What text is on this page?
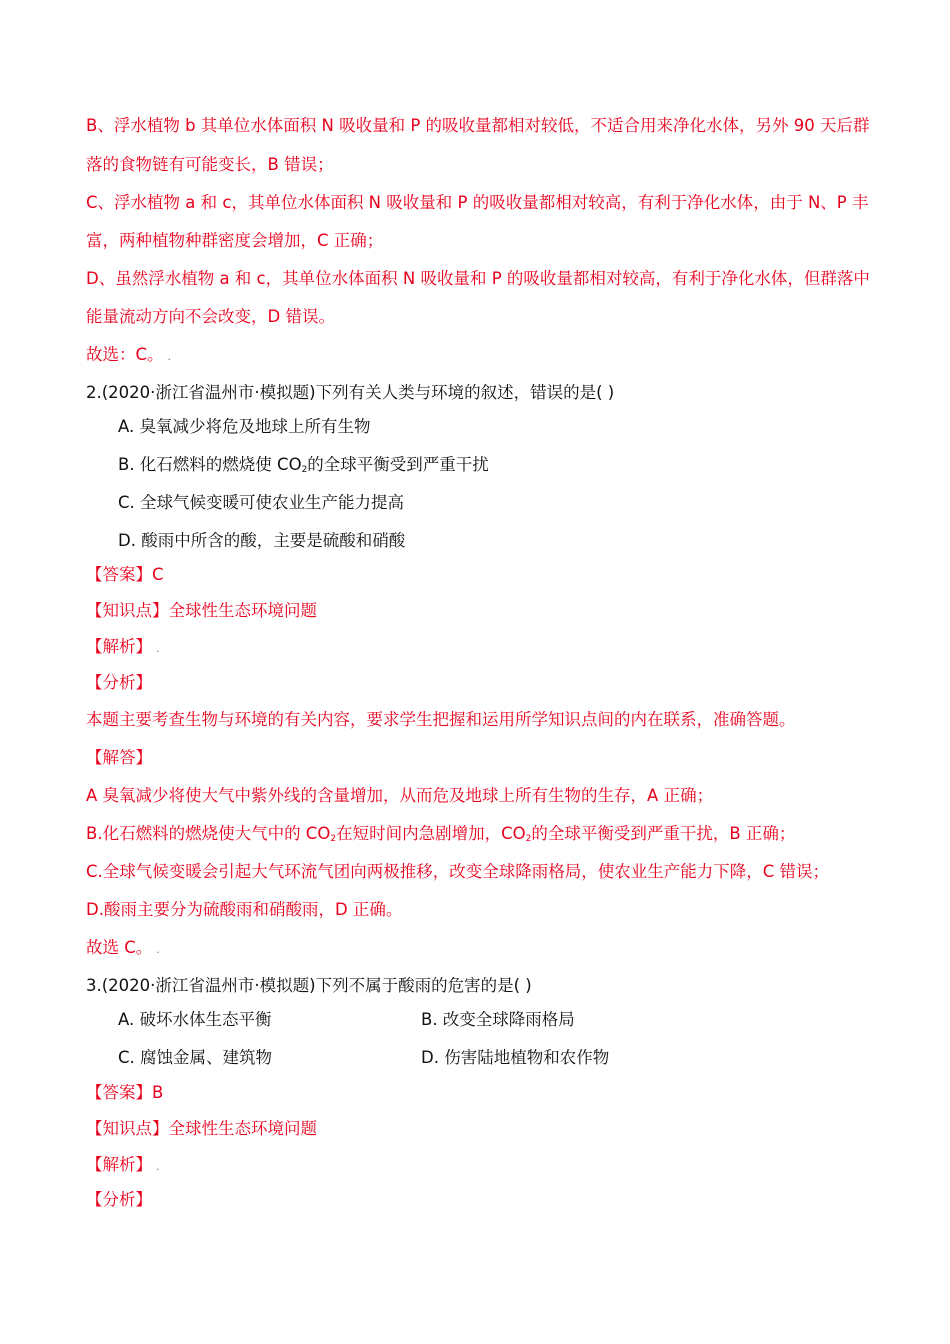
B、浮水植物 b 其单位水体面积 N 吸收量和 P 的吸收量都相对较低，不适合用来净化水体，另外 90 天后群
落的食物链有可能变长，B 错误；
C、浮水植物 a 和 c，其单位水体面积 N 吸收量和 P 的吸收量都相对较高，有利于净化水体，由于 N、P 丰
富，两种植物种群密度会增加，C 正确；
D、虽然浮水植物 a 和 c，其单位水体面积 N 吸收量和 P 的吸收量都相对较高，有利于净化水体，但群落中
能量流动方向不会改变，D 错误。
故选：C。 .
2.(2020·浙江省温州市·模拟题)下列有关人类与环境的叙述，错误的是( )
A. 臭氧减少将危及地球上所有生物
B. 化石燃料的燃烧使 $CO_2$的全球平衡受到严重干扰
C. 全球气候变暖可使农业生产能力提高
D. 酸雨中所含的酸，主要是硫酸和硝酸
【答案】C
【知识点】全球性生态环境问题
【解析】 .
【分析】
本题主要考查生物与环境的有关内容，要求学生把握和运用所学知识点间的内在联系，准确答题。
【解答】
A 臭氧减少将使大气中紫外线的含量增加，从而危及地球上所有生物的生存，A 正确；
B.化石燃料的燃烧使大气中的 $CO_2$在短时间内急剧增加，$CO_2$的全球平衡受到严重干扰，B 正确；
C.全球气候变暖会引起大气环流气团向两极推移，改变全球降雨格局，使农业生产能力下降，C 错误；
D.酸雨主要分为硫酸雨和硝酸雨，D 正确。
故选 C。 .
3.(2020·浙江省温州市·模拟题)下列不属于酸雨的危害的是( )
A. 破坏水体生态平衡	B. 改变全球降雨格局
C. 腐蚀金属、建筑物	D. 伤害陆地植物和农作物
【答案】B
【知识点】全球性生态环境问题
【解析】 .
【分析】
